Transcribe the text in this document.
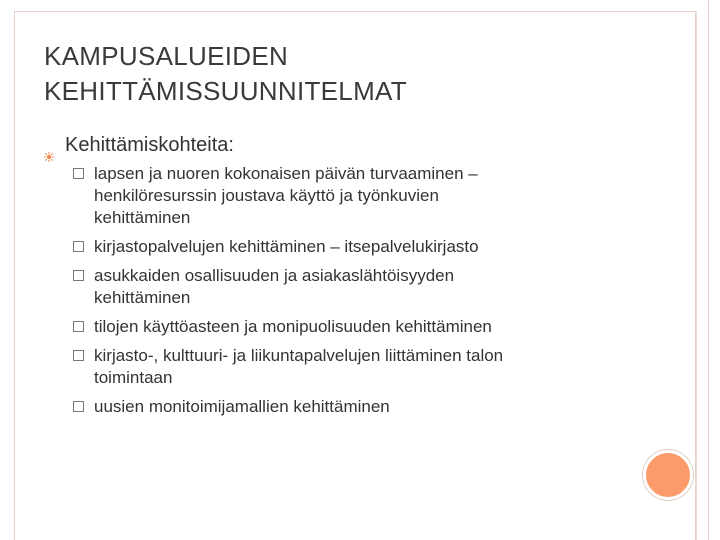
KAMPUSALUEIDEN
KEHITTÄMISSUUNNITELMAT
Kehittämiskohteita:
lapsen ja nuoren kokonaisen päivän turvaaminen –
henkilöresurssin joustava käyttö ja työnkuvien
kehittäminen
kirjastopalvelujen kehittäminen – itsepalvelukirjasto
asukkaiden osallisuuden ja asiakaslähtöisyyden
kehittäminen
tilojen käyttöasteen ja monipuolisuuden kehittäminen
kirjasto-, kulttuuri- ja liikuntapalvelujen liittäminen talon
toimintaan
uusien monitoimijamallien kehittäminen
